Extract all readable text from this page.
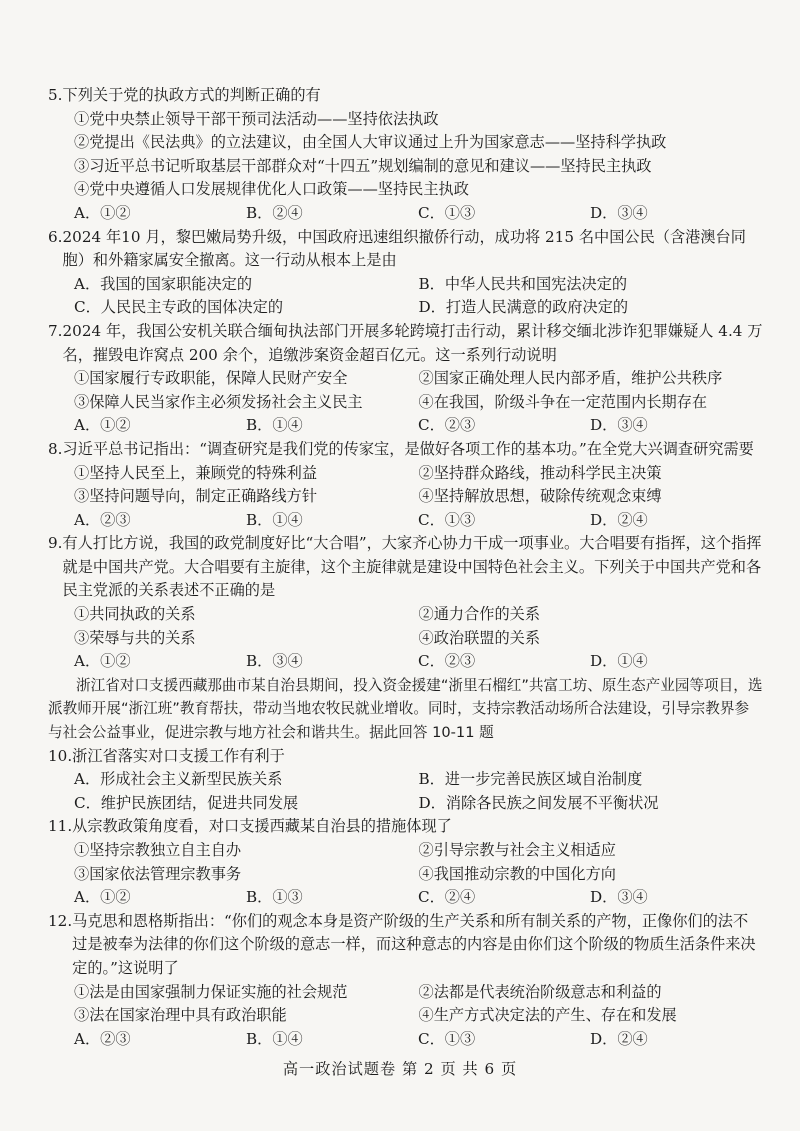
5. 下列关于党的执政方式的判断正确的有
①党中央禁止领导干部干预司法活动——坚持依法执政
②党提出《民法典》的立法建议，由全国人大审议通过上升为国家意志——坚持科学执政
③习近平总书记听取基层干部群众对“十四五”规划编制的意见和建议——坚持民主执政
④党中央遵循人口发展规律优化人口政策——坚持民主执政
A．①②	B．②④	C．①③	D．③④
6. 2024 年10 月，黎巴嫩局势升级，中国政府迅速组织撤侨行动，成功将 215 名中国公民（含港澳台同胞）和外籍家属安全撤离。这一行动从根本上是由
A．我国的国家职能决定的	B．中华人民共和国宪法决定的
C．人民民主专政的国体决定的	D．打造人民满意的政府决定的
7. 2024 年，我国公安机关联合缅甸执法部门开展多轮跨境打击行动，累计移交缅北涉诈犯罪嫌疑人 4.4 万名，摧毁电诈窝点 200 余个，追缴涉案资金超百亿元。这一系列行动说明
①国家履行专政职能，保障人民财产安全	②国家正确处理人民内部矛盾，维护公共秩序
③保障人民当家作主必须发扬社会主义民主	④在我国，阶级斗争在一定范围内长期存在
A．①②	B．①④	C．②③	D．③④
8. 习近平总书记指出：“调查研究是我们党的传家宝，是做好各项工作的基本功。”在全党大兴调查研究需要
①坚持人民至上，兼顾党的特殊利益	②坚持群众路线，推动科学民主决策
③坚持问题导向，制定正确路线方针	④坚持解放思想，破除传统观念束缚
A．②③	B．①④	C．①③	D．②④
9. 有人打比方说，我国的政党制度好比“大合唱”，大家齐心协力干成一项事业。大合唱要有指挥，这个指挥就是中国共产党。大合唱要有主旋律，这个主旋律就是建设中国特色社会主义。下列关于中国共产党和各民主党派的关系表述不正确的是
①共同执政的关系	②通力合作的关系
③荣辱与共的关系	④政治联盟的关系
A．①②	B．③④	C．②③	D．①④
浙江省对口支援西藏那曲市某自治县期间，投入资金援建“浙里石榴红”共富工坊、原生态产业园等项目，选派教师开展“浙江班”教育帮扶，带动当地农牧民就业增收。同时，支持宗教活动场所合法建设，引导宗教界参与社会公益事业，促进宗教与地方社会和谐共生。据此回答 10-11 题
10. 浙江省落实对口支援工作有利于
A．形成社会主义新型民族关系	B．进一步完善民族区域自治制度
C．维护民族团结，促进共同发展	D．消除各民族之间发展不平衡状况
11. 从宗教政策角度看，对口支援西藏某自治县的措施体现了
①坚持宗教独立自主自办	②引导宗教与社会主义相适应
③国家依法管理宗教事务	④我国推动宗教的中国化方向
A．①②	B．①③	C．②④	D．③④
12. 马克思和恩格斯指出：“你们的观念本身是资产阶级的生产关系和所有制关系的产物，正像你们的法不过是被奉为法律的你们这个阶级的意志一样，而这种意志的内容是由你们这个阶级的物质生活条件来决定的。”这说明了
①法是由国家强制力保证实施的社会规范	②法都是代表统治阶级意志和利益的
③法在国家治理中具有政治职能	④生产方式决定法的产生、存在和发展
A．②③	B．①④	C．①③	D．②④
高一政治试题卷 第 2 页 共 6 页
